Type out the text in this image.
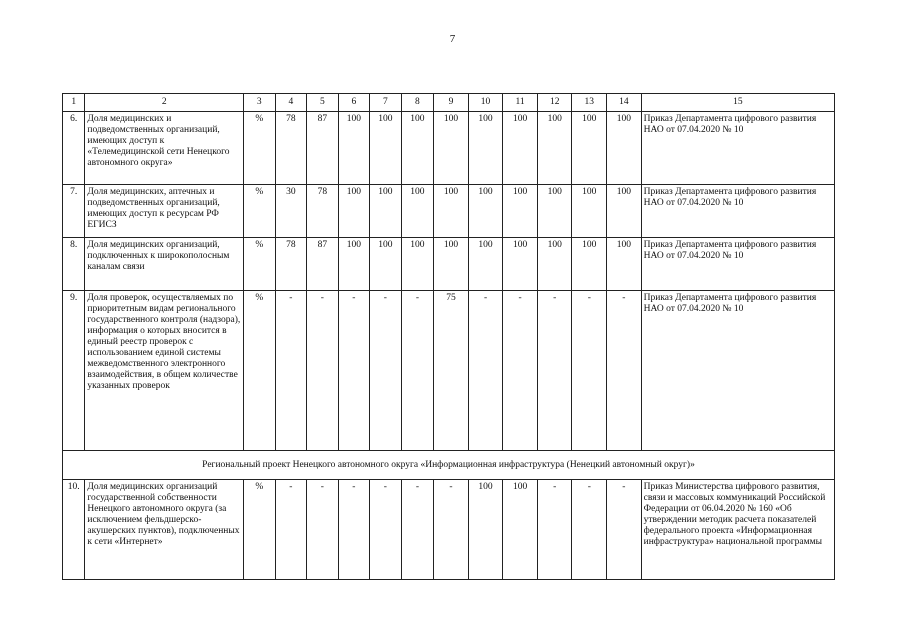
7
1	2	3	4	5	6	7	8	9	10	11	12	13	14	15
6.	Доля медицинских и подведомственных организаций, имеющих доступ к «Телемедицинской сети Ненецкого автономного округа»	%	78	87	100	100	100	100	100	100	100	100	100	Приказ Департамента цифрового развития НАО от 07.04.2020 № 10
7.	Доля медицинских, аптечных и подведомственных организаций, имеющих доступ к ресурсам РФ ЕГИСЗ	%	30	78	100	100	100	100	100	100	100	100	100	Приказ Департамента цифрового развития НАО от 07.04.2020 № 10
8.	Доля медицинских организаций, подключенных к широкополосным каналам связи	%	78	87	100	100	100	100	100	100	100	100	100	Приказ Департамента цифрового развития НАО от 07.04.2020 № 10
9.	Доля проверок, осуществляемых по приоритетным видам регионального государственного контроля (надзора), информация о которых вносится в единый реестр проверок с использованием единой системы межведомственного электронного взаимодействия, в общем количестве указанных проверок	%	-	-	-	-	-	75	-	-	-	-	-	Приказ Департамента цифрового развития НАО от 07.04.2020 № 10
Региональный проект Ненецкого автономного округа «Информационная инфраструктура (Ненецкий автономный округ)»														
10.	Доля медицинских организаций государственной собственности Ненецкого автономного округа (за исключением фельдшерско-акушерских пунктов), подключенных к сети «Интернет»	%	-	-	-	-	-	-	100	100	-	-	-	Приказ Министерства цифрового развития, связи и массовых коммуникаций Российской Федерации от 06.04.2020 № 160 «Об утверждении методик расчета показателей федерального проекта «Информационная инфраструктура» национальной программы
